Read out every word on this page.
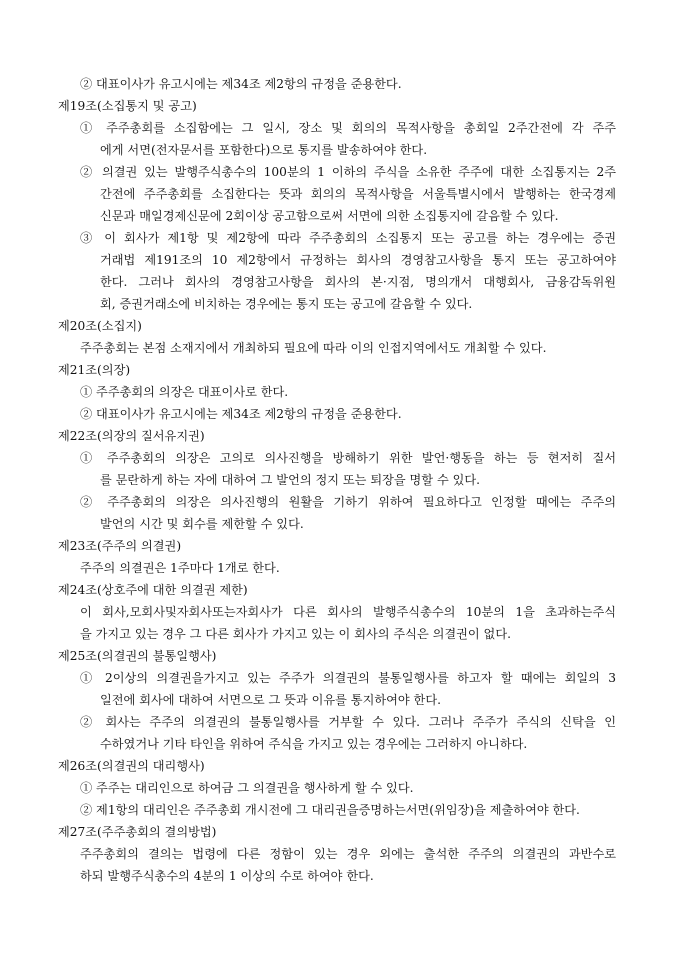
② 대표이사가 유고시에는 제34조 제2항의 규정을 준용한다.
제19조(소집통지 및 공고)
① 주주총회를 소집함에는 그 일시, 장소 및 회의의 목적사항을 총회일 2주간전에 각 주주
에게 서면(전자문서를 포함한다)으로 통지를 발송하여야 한다.
② 의결권 있는 발행주식총수의 100분의 1 이하의 주식을 소유한 주주에 대한 소집통지는 2주
간전에 주주총회를 소집한다는 뜻과 회의의 목적사항을 서울특별시에서 발행하는 한국경제
신문과 매일경제신문에 2회이상 공고함으로써 서면에 의한 소집통지에 갈음할 수 있다.
③ 이 회사가 제1항 및 제2항에 따라 주주총회의 소집통지 또는 공고를 하는 경우에는 증권
거래법 제191조의 10 제2항에서 규정하는 회사의 경영참고사항을 통지 또는 공고하여야
한다. 그러나 회사의 경영참고사항을 회사의 본·지점, 명의개서 대행회사, 금융감독위원
회, 증권거래소에 비치하는 경우에는 통지 또는 공고에 갈음할 수 있다.
제20조(소집지)
주주총회는 본점 소재지에서 개최하되 필요에 따라 이의 인접지역에서도 개최할 수 있다.
제21조(의장)
① 주주총회의 의장은 대표이사로 한다.
② 대표이사가 유고시에는 제34조 제2항의 규정을 준용한다.
제22조(의장의 질서유지권)
① 주주총회의 의장은 고의로 의사진행을 방해하기 위한 발언·행동을 하는 등 현저히 질서
를 문란하게 하는 자에 대하여 그 발언의 정지 또는 퇴장을 명할 수 있다.
② 주주총회의 의장은 의사진행의 원활을 기하기 위하여 필요하다고 인정할 때에는 주주의
발언의 시간 및 회수를 제한할 수 있다.
제23조(주주의 의결권)
주주의 의결권은 1주마다 1개로 한다.
제24조(상호주에 대한 의결권 제한)
이 회사,모회사및자회사또는자회사가 다른 회사의 발행주식총수의 10분의 1을 초과하는주식
을 가지고 있는 경우 그 다른 회사가 가지고 있는 이 회사의 주식은 의결권이 없다.
제25조(의결권의 불통일행사)
① 2이상의 의결권을가지고 있는 주주가 의결권의 불통일행사를 하고자 할 때에는 회일의 3
일전에 회사에 대하여 서면으로 그 뜻과 이유를 통지하여야 한다.
② 회사는 주주의 의결권의 불통일행사를 거부할 수 있다. 그러나 주주가 주식의 신탁을 인
수하였거나 기타 타인을 위하여 주식을 가지고 있는 경우에는 그러하지 아니하다.
제26조(의결권의 대리행사)
① 주주는 대리인으로 하여금 그 의결권을 행사하게 할 수 있다.
② 제1항의 대리인은 주주총회 개시전에 그 대리권을증명하는서면(위임장)을 제출하여야 한다.
제27조(주주총회의 결의방법)
주주총회의 결의는 법령에 다른 정함이 있는 경우 외에는 출석한 주주의 의결권의 과반수로
하되 발행주식총수의 4분의 1 이상의 수로 하여야 한다.
